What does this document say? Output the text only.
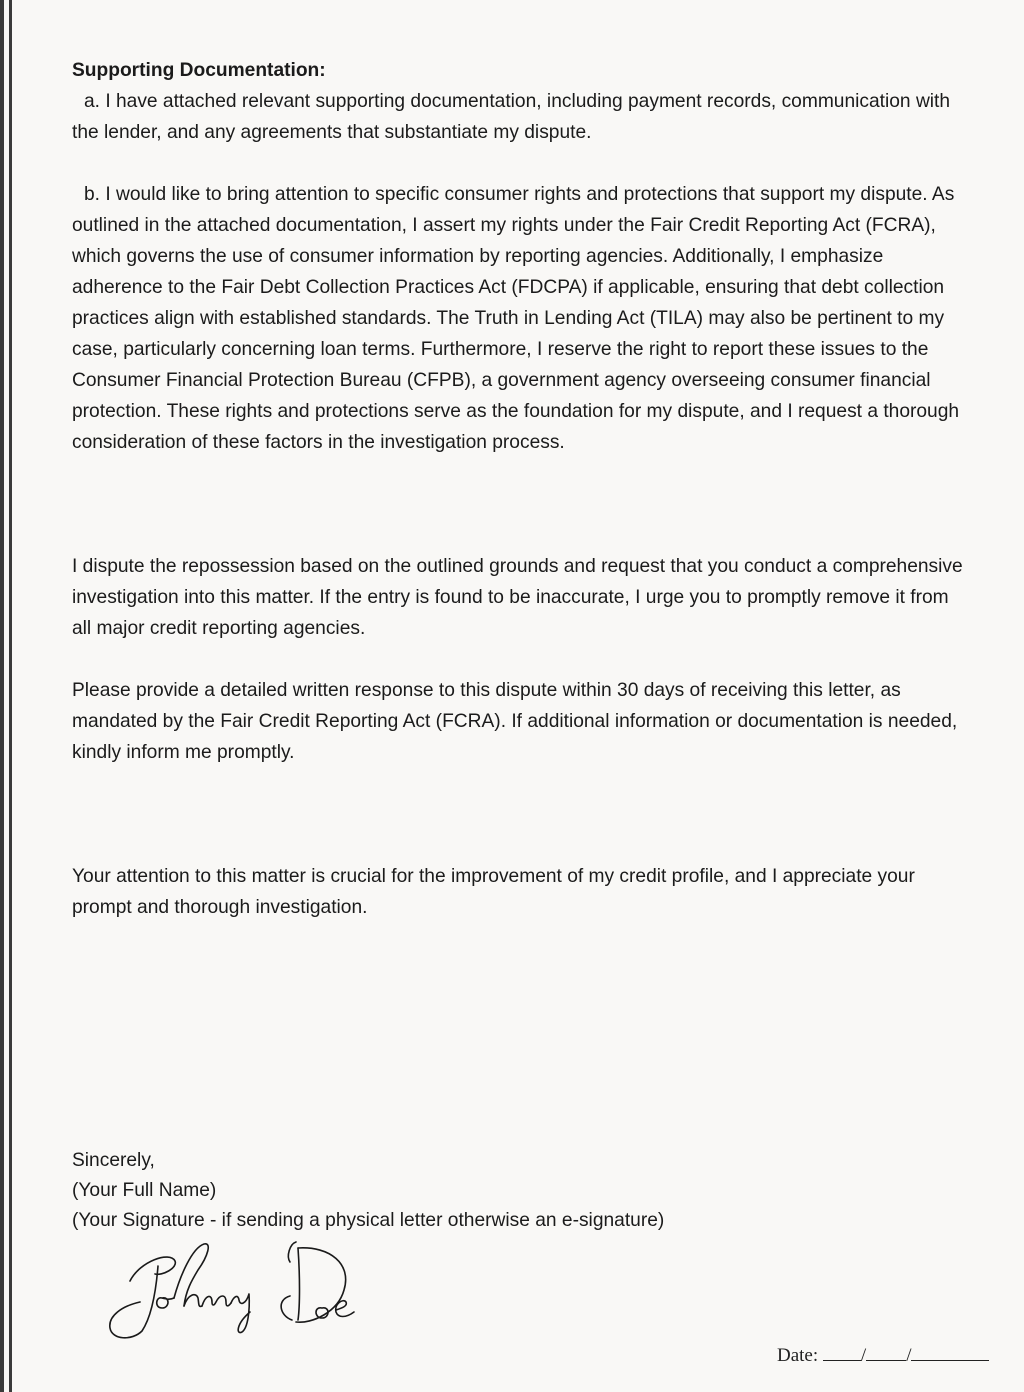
Supporting Documentation:

a. I have attached relevant supporting documentation, including payment records, communication with the lender, and any agreements that substantiate my dispute.

b. I would like to bring attention to specific consumer rights and protections that support my dispute. As outlined in the attached documentation, I assert my rights under the Fair Credit Reporting Act (FCRA), which governs the use of consumer information by reporting agencies. Additionally, I emphasize adherence to the Fair Debt Collection Practices Act (FDCPA) if applicable, ensuring that debt collection practices align with established standards. The Truth in Lending Act (TILA) may also be pertinent to my case, particularly concerning loan terms. Furthermore, I reserve the right to report these issues to the Consumer Financial Protection Bureau (CFPB), a government agency overseeing consumer financial protection. These rights and protections serve as the foundation for my dispute, and I request a thorough consideration of these factors in the investigation process.

I dispute the repossession based on the outlined grounds and request that you conduct a comprehensive investigation into this matter. If the entry is found to be inaccurate, I urge you to promptly remove it from all major credit reporting agencies.

Please provide a detailed written response to this dispute within 30 days of receiving this letter, as mandated by the Fair Credit Reporting Act (FCRA). If additional information or documentation is needed, kindly inform me promptly.

Your attention to this matter is crucial for the improvement of my credit profile, and I appreciate your prompt and thorough investigation.

Sincerely,
(Your Full Name)
(Your Signature - if sending a physical letter otherwise an e-signature)
Date: / /
